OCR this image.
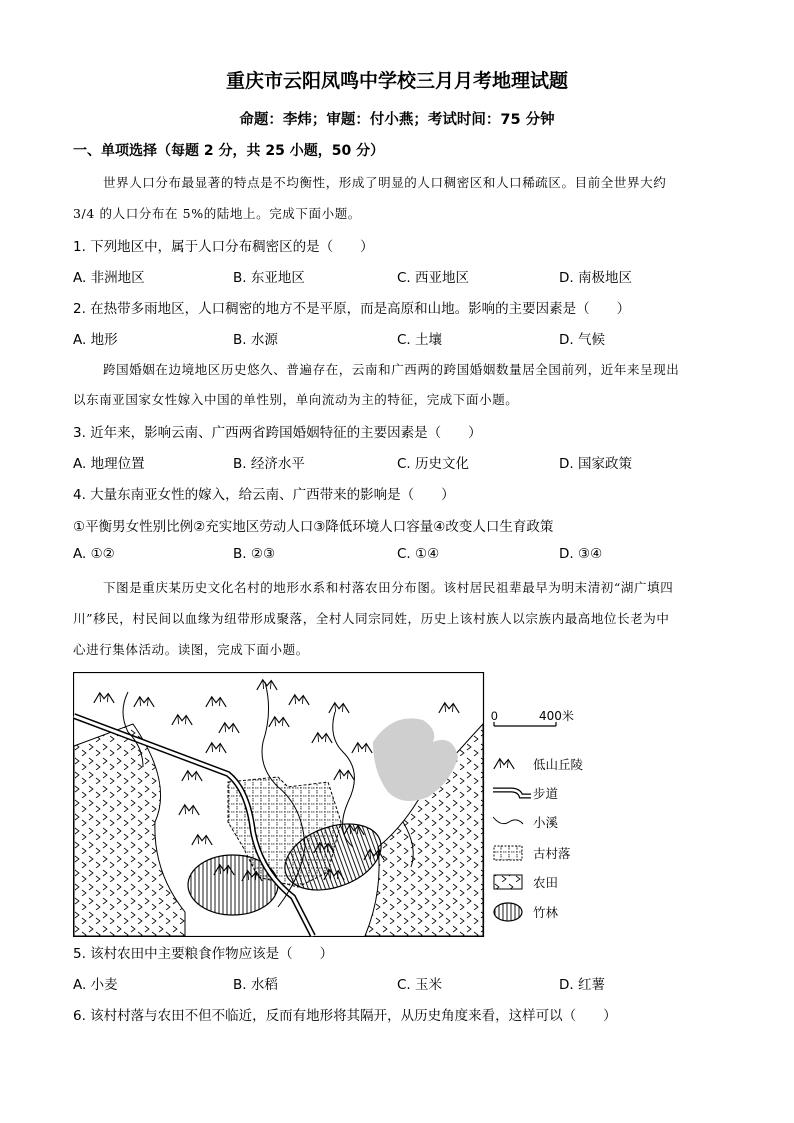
重庆市云阳凤鸣中学校三月月考地理试题
命题：李炜；审题：付小燕；考试时间：75 分钟
一、单项选择（每题 2 分，共 25 小题，50 分）
世界人口分布最显著的特点是不均衡性，形成了明显的人口稠密区和人口稀疏区。目前全世界大约
3/4 的人口分布在 5%的陆地上。完成下面小题。
1. 下列地区中，属于人口分布稠密区的是（　　）
A. 非洲地区	B. 东亚地区	C. 西亚地区	D. 南极地区
2. 在热带多雨地区，人口稠密的地方不是平原，而是高原和山地。影响的主要因素是（　　）
A. 地形	B. 水源	C. 土壤	D. 气候
跨国婚姻在边境地区历史悠久、普遍存在，云南和广西两的跨国婚姻数量居全国前列，近年来呈现出
以东南亚国家女性嫁入中国的单性别，单向流动为主的特征，完成下面小题。
3. 近年来，影响云南、广西两省跨国婚姻特征的主要因素是（　　）
A. 地理位置	B. 经济水平	C. 历史文化	D. 国家政策
4. 大量东南亚女性的嫁入，给云南、广西带来的影响是（　　）
①平衡男女性别比例②充实地区劳动人口③降低环境人口容量④改变人口生育政策
A. ①②	B. ②③	C. ①④	D. ③④
下图是重庆某历史文化名村的地形水系和村落农田分布图。该村居民祖辈最早为明末清初“湖广填四
川”移民，村民间以血缘为纽带形成聚落，全村人同宗同姓，历史上该村族人以宗族内最高地位长老为中
心进行集体活动。读图，完成下面小题。
0	400米
低山丘陵
步道
小溪
古村落
农田
竹林
5. 该村农田中主要粮食作物应该是（　　）
A. 小麦	B. 水稻	C. 玉米	D. 红薯
6. 该村村落与农田不但不临近，反而有地形将其隔开，从历史角度来看，这样可以（　　）
